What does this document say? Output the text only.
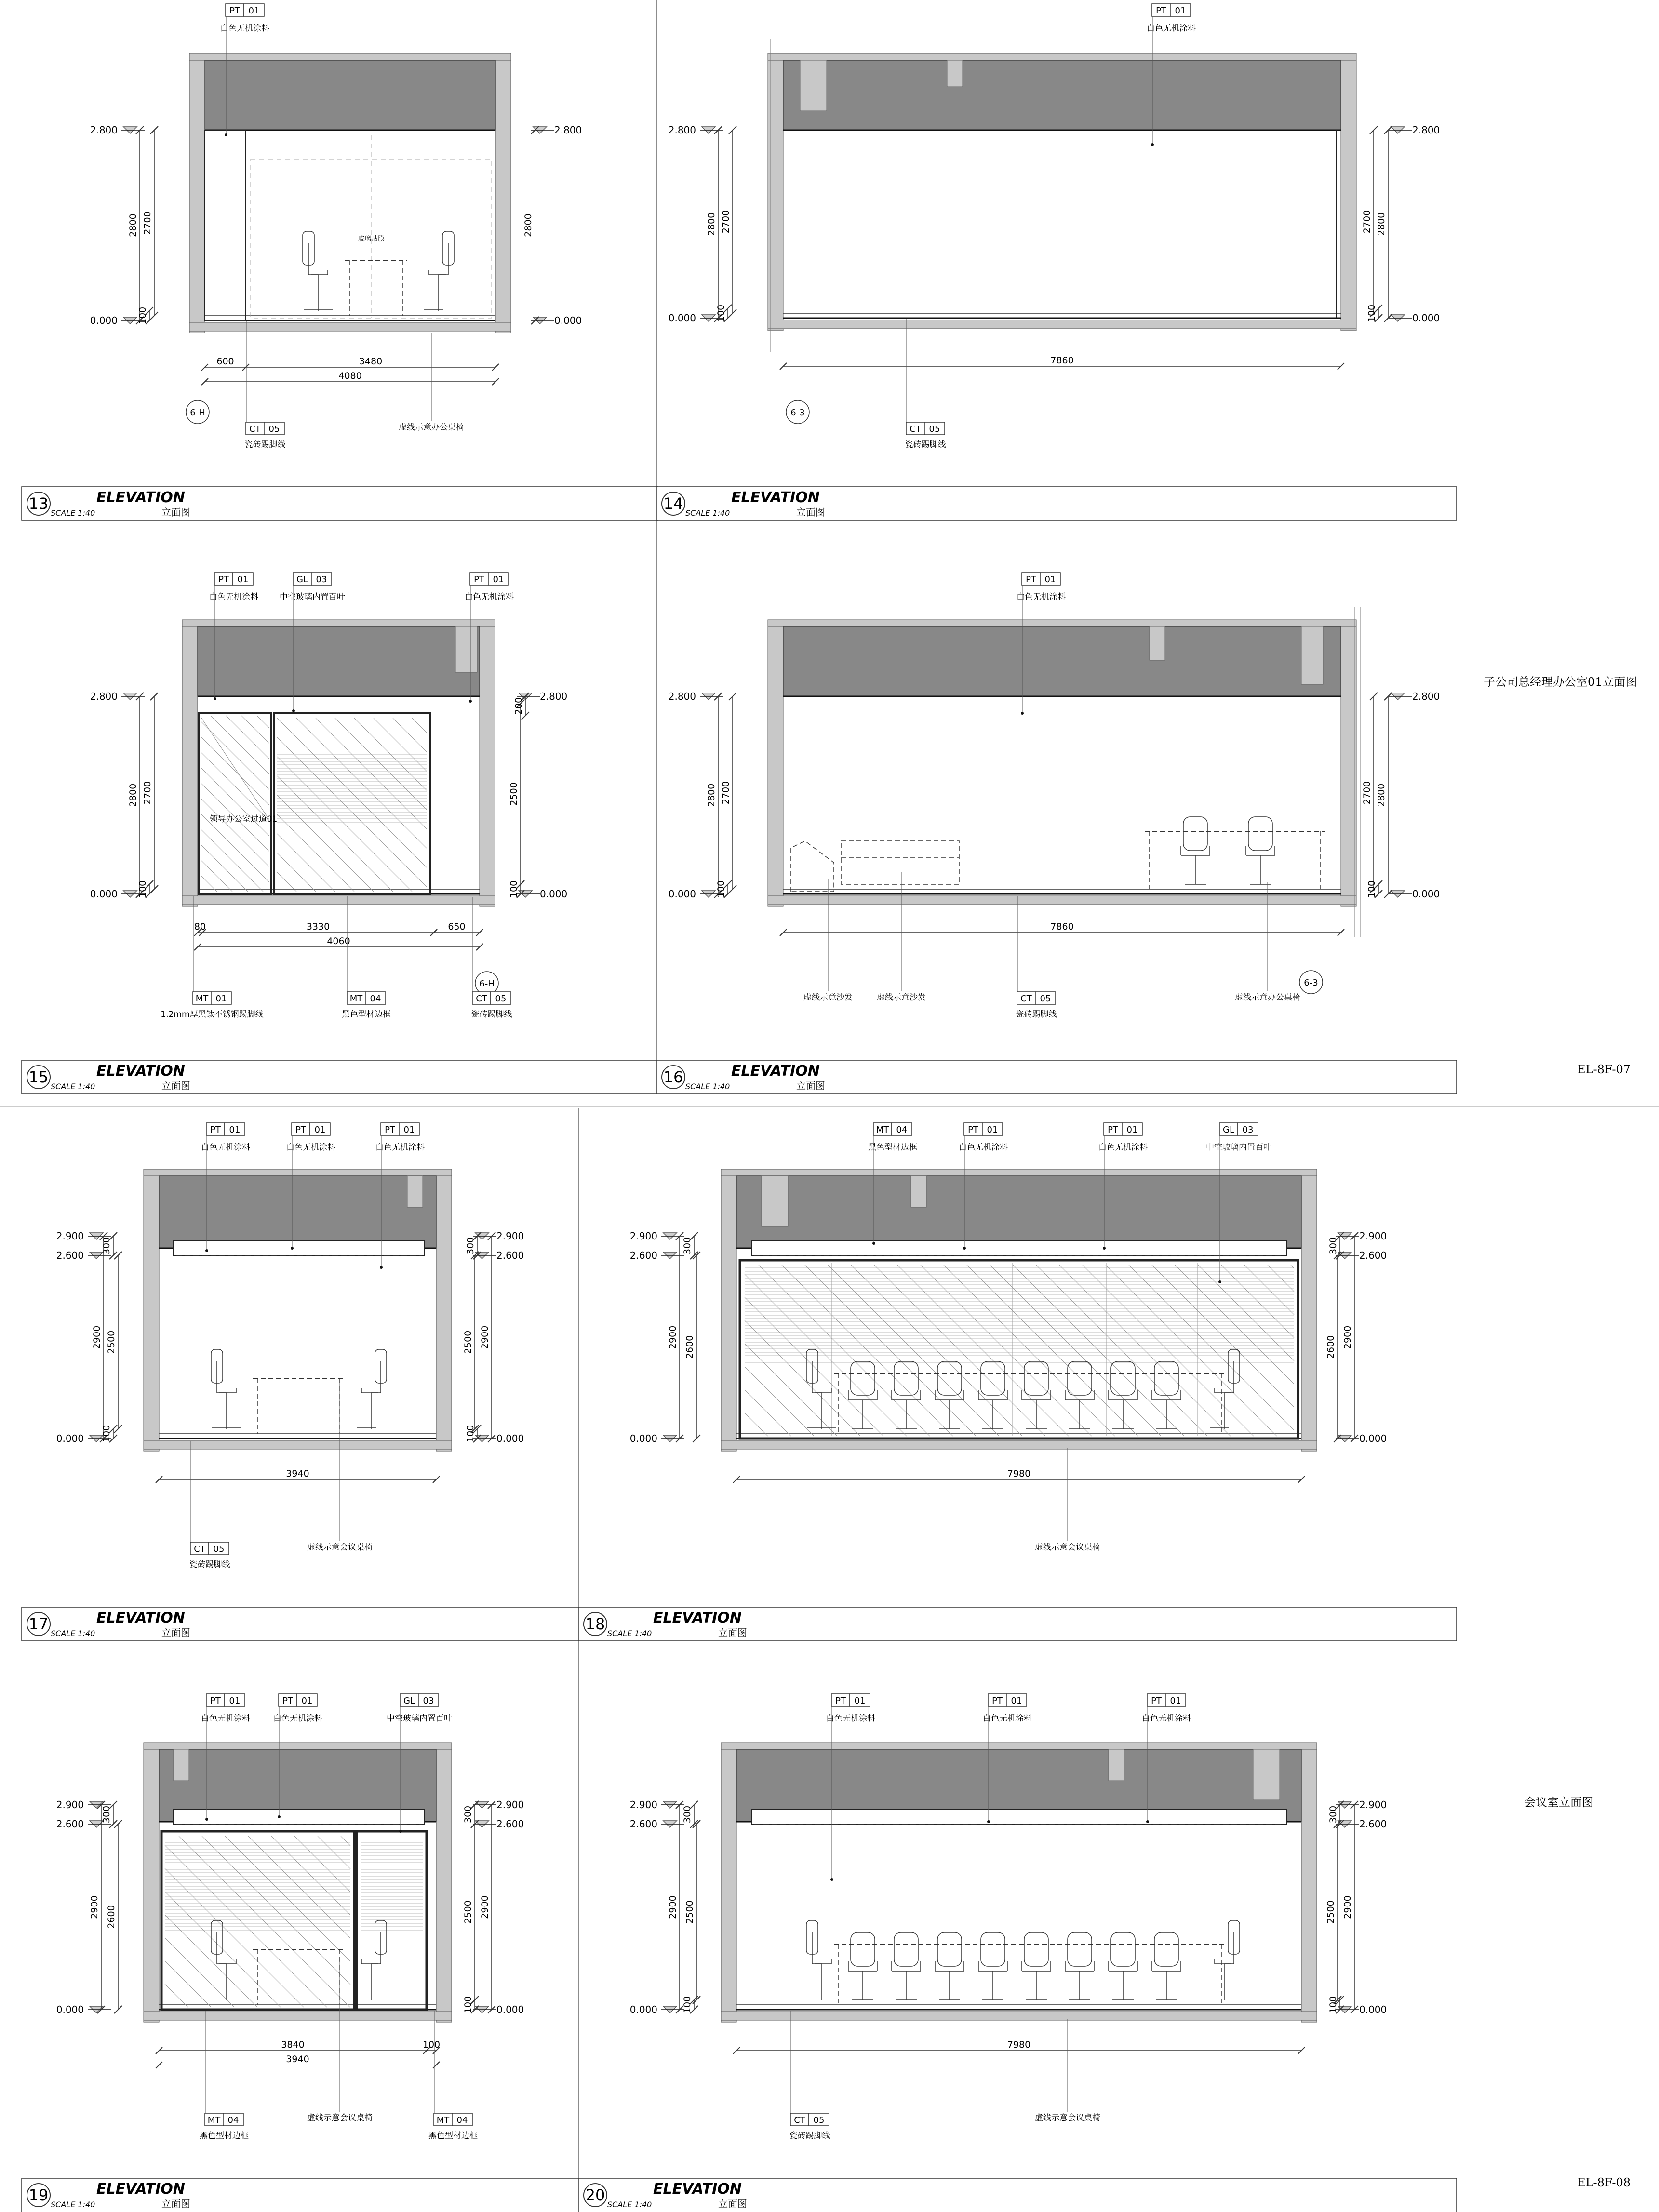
玻璃贴膜
2.800
0.000
2.800
0.000
2800 2700
100
2800
600	3480
4080
6-H
PT 01
白色无机涂料
CT 05
瓷砖踢脚线
虚线示意办公桌椅
13	ELEVATION
SCALE 1:40	立面图
2.800
0.000
2.800
0.000
2800 2700
100
2800
2700
100
7860
6-3
PT 01
白色无机涂料
CT 05
瓷砖踢脚线
14	ELEVATION
SCALE 1:40	立面图
2.800
0.000
2.800
0.000
2800 2700
100
2500
200
100
80	3330	650
4060
6-H
领导办公室过道01
PT 01
白色无机涂料
GL 03
中空玻璃内置百叶
PT 01
白色无机涂料
MT 01
1.2mm厚黑钛不锈钢踢脚线
MT 04
黑色型材边框
CT 05
瓷砖踢脚线
15	ELEVATION
SCALE 1:40	立面图
2.800
0.000
2.800
0.000
2800 2700
100
2800
2700
100
7860
6-3
PT 01
白色无机涂料
虚线示意沙发	虚线示意沙发	CT 05
瓷砖踢脚线
虚线示意办公桌椅
16	ELEVATION
SCALE 1:40	立面图
2.900
2.600
0.000
2.900
2.600
0.000
300
2900 2500
100
300
2900
2500
100
3940
PT 01
白色无机涂料
PT 01
白色无机涂料
PT 01
白色无机涂料
CT 05
瓷砖踢脚线
虚线示意会议桌椅
17	ELEVATION
SCALE 1:40	立面图
2.900
2.600
0.000
2.900
2.600
0.000
300
2900 2600
300
2900
2600
7980
MT 04
黑色型材边框
PT 01
白色无机涂料
PT 01
白色无机涂料
GL 03
中空玻璃内置百叶
虚线示意会议桌椅
18	ELEVATION
SCALE 1:40	立面图
2.900
2.600
0.000
2.900
2.600
0.000
300
2900 2600
300
2900
2500
100
3840	100
3940
PT 01
白色无机涂料
PT 01
白色无机涂料
GL 03
中空玻璃内置百叶
MT 04
黑色型材边框
虚线示意会议桌椅	MT 04
黑色型材边框
19	ELEVATION
SCALE 1:40	立面图
2.900
2.600
0.000
2.900
2.600
0.000
300
2900 2500
100
300
2900
2500
100
7980
PT 01
白色无机涂料
PT 01
白色无机涂料
PT 01
白色无机涂料
CT 05
瓷砖踢脚线
虚线示意会议桌椅
20	ELEVATION
SCALE 1:40	立面图
子公司总经理办公室01立面图
EL-8F-07
会议室立面图
EL-8F-08
